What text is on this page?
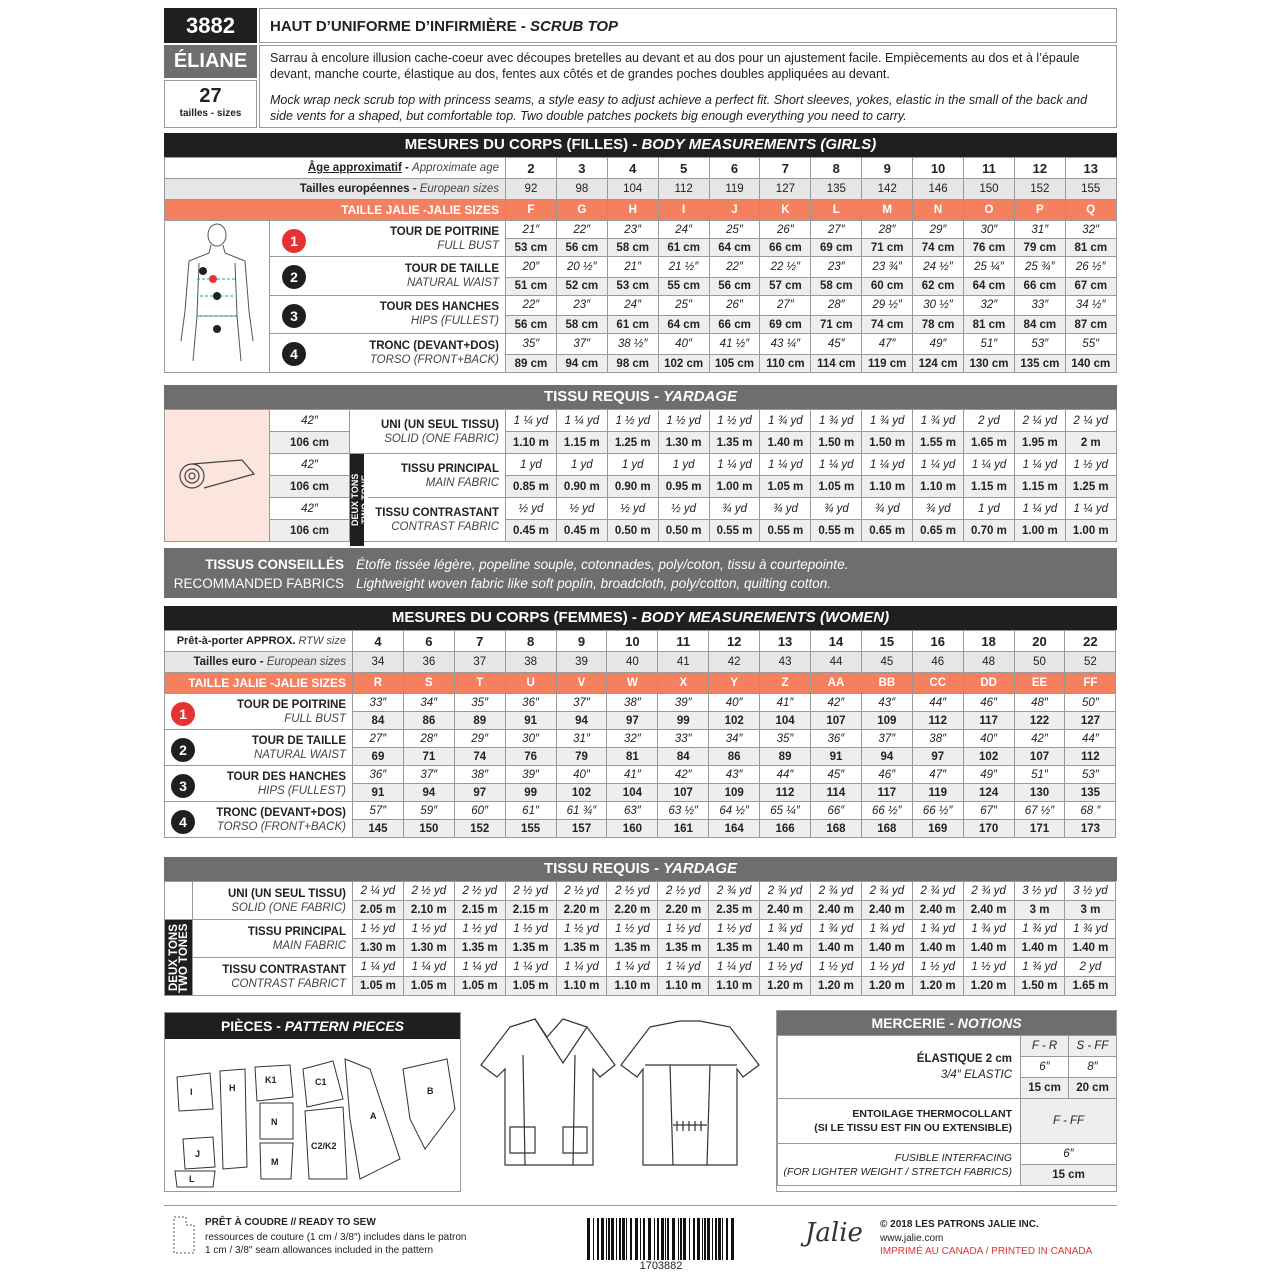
3882
ÉLIANE
27
tailles - sizes
HAUT D’UNIFORME D’INFIRMIÈRE - SCRUB TOP
Sarrau à encolure illusion cache-coeur avec découpes bretelles au devant et au dos pour un ajustement facile. Empiècements au dos et à l’épaule devant, manche courte, élastique au dos, fentes aux côtés et de grandes poches doubles appliquées au devant.
Mock wrap neck scrub top with princess seams, a style easy to adjust achieve a perfect fit. Short sleeves, yokes, elastic in the small of the back and side vents for a shaped, but comfortable top. Two double patches pockets big enough everything you need to carry.
MESURES DU CORPS (FILLES) - BODY MEASUREMENTS (GIRLS)
Âge approximatif - Approximate age		2	3	4	5	6	7	8	9	10	11	12	13
Tailles européennes - European sizes		92	98	104	112	119	127	135	142	146	150	152	155
TAILLE JALIE -JALIE SIZES		F	G	H	I	J	K	L	M	N	O	P	Q

1
TOUR DE POITRINE
FULL BUST	21″	22″	23″	24″	25″	26″	27″	28″	29″	30″	31″	32″
		53 cm	56 cm	58 cm	61 cm	64 cm	66 cm	69 cm	71 cm	74 cm	76 cm	79 cm	81 cm

	2
TOUR DE TAILLE
NATURAL WAIST	20″	20 ½″	21″	21 ½″	22″	22 ½″	23″	23 ¾″	24 ½″	25 ¼″	25 ¾″	26 ½″
		51 cm	52 cm	53 cm	55 cm	56 cm	57 cm	58 cm	60 cm	62 cm	64 cm	66 cm	67 cm

	3
TOUR DES HANCHES
HIPS (FULLEST)	22″	23″	24″	25″	26″	27″	28″	29 ½″	30 ½″	32″	33″	34 ½″
		56 cm	58 cm	61 cm	64 cm	66 cm	69 cm	71 cm	74 cm	78 cm	81 cm	84 cm	87 cm

	4
TRONC (DEVANT+DOS)
TORSO (FRONT+BACK)	35″	37″	38 ½″	40″	41 ½″	43 ¼″	45″	47″	49″	51″	53″	55″
		89 cm	94 cm	98 cm	102 cm	105 cm	110 cm	114 cm	119 cm	124 cm	130 cm	135 cm	140 cm
TISSU REQUIS - YARDAGE
	42″	UNI (UN SEUL TISSU)
SOLID (ONE FABRIC)	1 ¼ yd	1 ¼ yd	1 ½ yd	1 ½ yd	1 ½ yd	1 ¾ yd	1 ¾ yd	1 ¾ yd	1 ¾ yd	2 yd	2 ¼ yd	2 ¼ yd
	106 cm		1.10 m	1.15 m	1.25 m	1.30 m	1.35 m	1.40 m	1.50 m	1.50 m	1.55 m	1.65 m	1.95 m	2 m
	42″	DEUX TONS
TWO-TONE
TISSU PRINCIPAL
MAIN FABRIC	1 yd	1 yd	1 yd	1 yd	1 ¼ yd	1 ¼ yd	1 ¼ yd	1 ¼ yd	1 ¼ yd	1 ¼ yd	1 ¼ yd	1 ½ yd
	106 cm		0.85 m	0.90 m	0.90 m	0.95 m	1.00 m	1.05 m	1.05 m	1.10 m	1.10 m	1.15 m	1.15 m	1.25 m
	42″	TISSU CONTRASTANT
CONTRAST FABRIC	½ yd	½ yd	½ yd	½ yd	¾ yd	¾ yd	¾ yd	¾ yd	¾ yd	1 yd	1 ¼ yd	1 ¼ yd
	106 cm		0.45 m	0.45 m	0.50 m	0.50 m	0.55 m	0.55 m	0.55 m	0.65 m	0.65 m	0.70 m	1.00 m	1.00 m
TISSUS CONSEILLÉS
RECOMMANDED FABRICS
Étoffe tissée légère, popeline souple, cotonnades, poly/coton, tissu à courtepointe.
Lightweight woven fabric like soft poplin, broadcloth, poly/cotton, quilting cotton.
MESURES DU CORPS (FEMMES) - BODY MEASUREMENTS (WOMEN)
Prêt-à-porter APPROX. RTW size	4	6	7	8	9	10	11	12	13	14	15	16	18	20	22
Tailles euro - European sizes	34	36	37	38	39	40	41	42	43	44	45	46	48	50	52
TAILLE JALIE -JALIE SIZES	R	S	T	U	V	W	X	Y	Z	AA	BB	CC	DD	EE	FF

1
TOUR DE POITRINE
FULL BUST	33″	34″	35″	36″	37″	38″	39″	40″	41″	42″	43″	44″	46″	48″	50″
	84	86	89	91	94	97	99	102	104	107	109	112	117	122	127

2
TOUR DE TAILLE
NATURAL WAIST	27″	28″	29″	30″	31″	32″	33″	34″	35″	36″	37″	38″	40″	42″	44″
	69	71	74	76	79	81	84	86	89	91	94	97	102	107	112

3
TOUR DES HANCHES
HIPS (FULLEST)	36″	37″	38″	39″	40″	41″	42″	43″	44″	45″	46″	47″	49″	51″	53″
	91	94	97	99	102	104	107	109	112	114	117	119	124	130	135

4
TRONC (DEVANT+DOS)
TORSO (FRONT+BACK)	57″	59″	60″	61″	61 ¾″	63″	63 ½″	64 ½″	65 ¼″	66″	66 ½″	66 ½″	67″	67 ½″	68 ″
	145	150	152	155	157	160	161	164	166	168	168	169	170	171	173
TISSU REQUIS - YARDAGE

	UNI (UN SEUL TISSU)
SOLID (ONE FABRIC)	2 ¼ yd	2 ½ yd	2 ½ yd	2 ½ yd	2 ½ yd	2 ½ yd	2 ½ yd	2 ¾ yd	2 ¾ yd	2 ¾ yd	2 ¾ yd	2 ¾ yd	2 ¾ yd	3 ½ yd	3 ½ yd
		2.05 m	2.10 m	2.15 m	2.15 m	2.20 m	2.20 m	2.20 m	2.35 m	2.40 m	2.40 m	2.40 m	2.40 m	2.40 m	3 m	3 m
DEUX TONS
TWO TONES	TISSU PRINCIPAL
MAIN FABRIC	1 ½ yd	1 ½ yd	1 ½ yd	1 ½ yd	1 ½ yd	1 ½ yd	1 ½ yd	1 ½ yd	1 ¾ yd	1 ¾ yd	1 ¾ yd	1 ¾ yd	1 ¾ yd	1 ¾ yd	1 ¾ yd
		1.30 m	1.30 m	1.35 m	1.35 m	1.35 m	1.35 m	1.35 m	1.35 m	1.40 m	1.40 m	1.40 m	1.40 m	1.40 m	1.40 m	1.40 m

	TISSU CONTRASTANT
CONTRAST FABRICT	1 ¼ yd	1 ¼ yd	1 ¼ yd	1 ¼ yd	1 ¼ yd	1 ¼ yd	1 ¼ yd	1 ¼ yd	1 ½ yd	1 ½ yd	1 ½ yd	1 ½ yd	1 ½ yd	1 ¾ yd	2 yd
		1.05 m	1.05 m	1.05 m	1.05 m	1.10 m	1.10 m	1.10 m	1.10 m	1.20 m	1.20 m	1.20 m	1.20 m	1.20 m	1.50 m	1.65 m
PIÈCES - PATTERN PIECES
I	H
K1	C1
A
B
J
N
M
L
C2/K2
MERCERIE - NOTIONS
ÉLASTIQUE 2 cm
3/4″ ELASTIC	F - R	S - FF
	6″	8″
	15 cm	20 cm
ENTOILAGE THERMOCOLLANT
(SI LE TISSU EST FIN OU EXTENSIBLE)	F - FF	

FUSIBLE INTERFACING
(FOR LIGHTER WEIGHT / STRETCH FABRICS)	6″	
	15 cm	
PRÊT À COUDRE // READY TO SEW
ressources de couture (1 cm / 3/8″) includes dans le patron
1 cm / 3/8″ seam allowances included in the pattern
1703882
Jalie © 2018 LES PATRONS JALIE INC.
www.jalie.com
IMPRIMÉ AU CANADA / PRINTED IN CANADA
